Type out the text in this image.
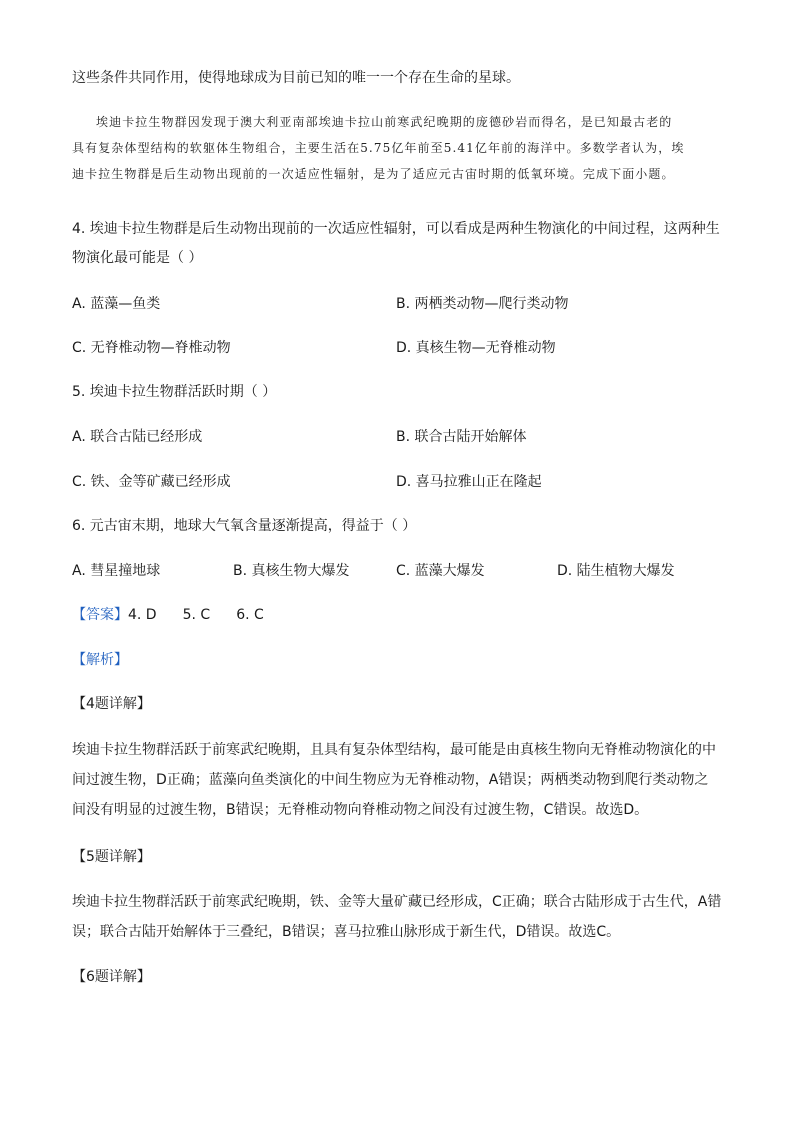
这些条件共同作用，使得地球成为目前已知的唯一一个存在生命的星球。

埃迪卡拉生物群因发现于澳大利亚南部埃迪卡拉山前寒武纪晚期的庞德砂岩而得名，是已知最古老的

具有复杂体型结构的软躯体生物组合，主要生活在5.75亿年前至5.41亿年前的海洋中。多数学者认为，埃

迪卡拉生物群是后生动物出现前的一次适应性辐射，是为了适应元古宙时期的低氧环境。完成下面小题。

4. 埃迪卡拉生物群是后生动物出现前的一次适应性辐射，可以看成是两种生物演化的中间过程，这两种生
物演化最可能是（ ）
A. 蓝藻—鱼类	B. 两栖类动物—爬行类动物
C. 无脊椎动物—脊椎动物	D. 真核生物—无脊椎动物
5. 埃迪卡拉生物群活跃时期（ ）
A. 联合古陆已经形成	B. 联合古陆开始解体
C. 铁、金等矿藏已经形成	D. 喜马拉雅山正在隆起
6. 元古宙末期，地球大气氧含量逐渐提高，得益于（ ）
A. 彗星撞地球	B. 真核生物大爆发	C. 蓝藻大爆发	D. 陆生植物大爆发
【答案】4. D 5. C 6. C
【解析】
【4题详解】
埃迪卡拉生物群活跃于前寒武纪晚期，且具有复杂体型结构，最可能是由真核生物向无脊椎动物演化的中
间过渡生物，D正确；蓝藻向鱼类演化的中间生物应为无脊椎动物，A错误；两栖类动物到爬行类动物之
间没有明显的过渡生物，B错误；无脊椎动物向脊椎动物之间没有过渡生物，C错误。故选D。
【5题详解】
埃迪卡拉生物群活跃于前寒武纪晚期，铁、金等大量矿藏已经形成，C正确；联合古陆形成于古生代，A错
误；联合古陆开始解体于三叠纪，B错误；喜马拉雅山脉形成于新生代，D错误。故选C。
【6题详解】
